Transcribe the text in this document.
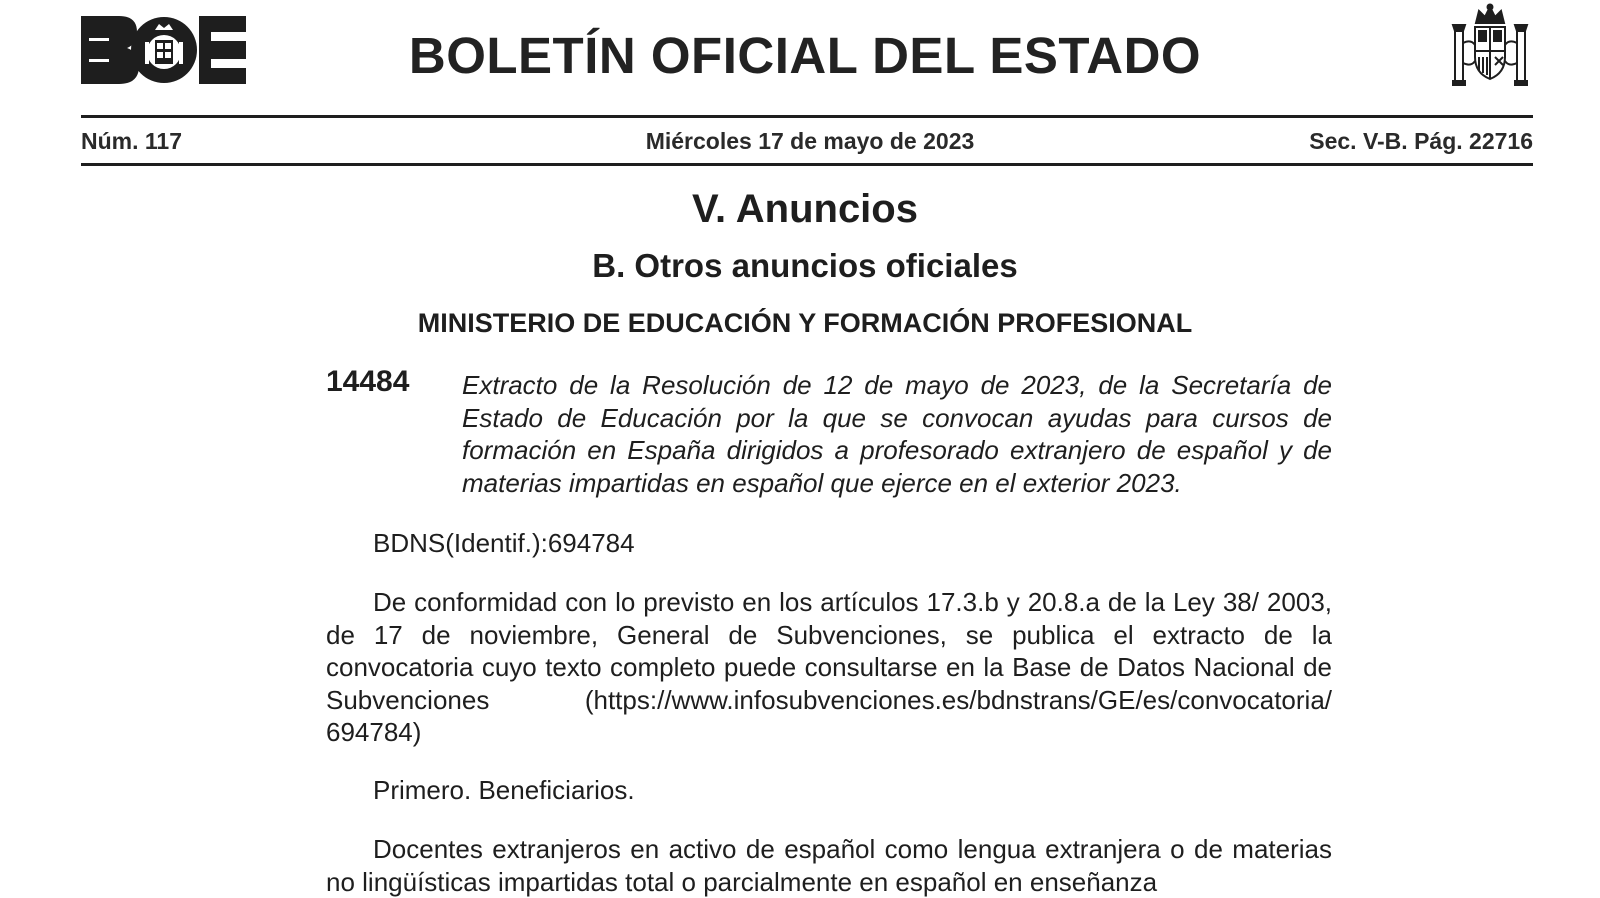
BOLETÍN OFICIAL DEL ESTADO
Núm. 117	Miércoles 17 de mayo de 2023	Sec. V-B. Pág. 22716
V. Anuncios
B. Otros anuncios oficiales
MINISTERIO DE EDUCACIÓN Y FORMACIÓN PROFESIONAL
14484 Extracto de la Resolución de 12 de mayo de 2023, de la Secretaría de Estado de Educación por la que se convocan ayudas para cursos de formación en España dirigidos a profesorado extranjero de español y de materias impartidas en español que ejerce en el exterior 2023.
BDNS(Identif.):694784
De conformidad con lo previsto en los artículos 17.3.b y 20.8.a de la Ley 38/ 2003, de 17 de noviembre, General de Subvenciones, se publica el extracto de la convocatoria cuyo texto completo puede consultarse en la Base de Datos Nacional de Subvenciones (https://www.infosubvenciones.es/bdnstrans/GE/es/convocatoria/ 694784)
Primero. Beneficiarios.
Docentes extranjeros en activo de español como lengua extranjera o de materias no lingüísticas impartidas total o parcialmente en español en enseñanza
